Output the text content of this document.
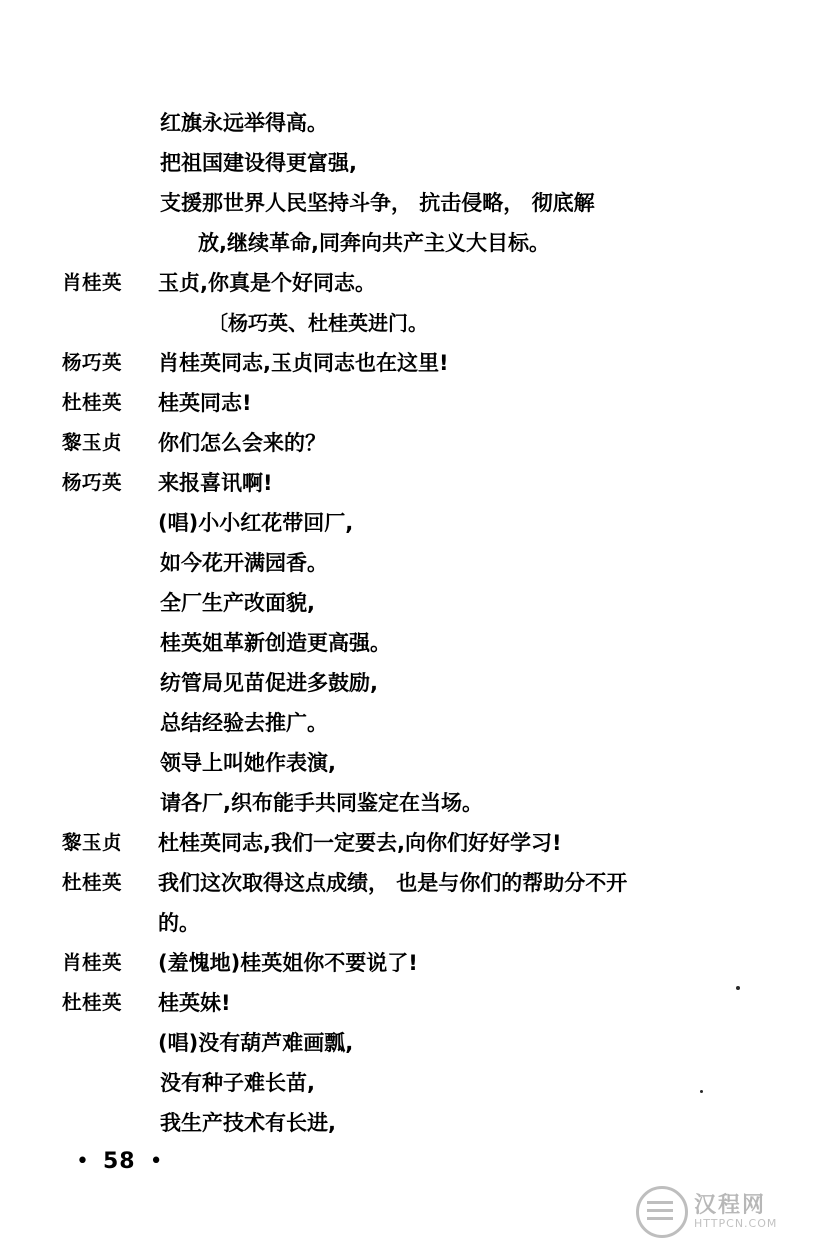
红旗永远举得高。
把祖国建设得更富强,
支援那世界人民坚持斗争， 抗击侵略， 彻底解
放,继续革命,同奔向共产主义大目标。
肖桂英	玉贞,你真是个好同志。
〔杨巧英、杜桂英进门。
杨巧英	肖桂英同志,玉贞同志也在这里!
杜桂英	桂英同志!
黎玉贞	你们怎么会来的？
杨巧英	来报喜讯啊!
(唱)小小红花带回厂,
如今花开满园香。
全厂生产改面貌,
桂英姐革新创造更高强。
纺管局见苗促进多鼓励,
总结经验去推广。
领导上叫她作表演,
请各厂,织布能手共同鉴定在当场。
黎玉贞	杜桂英同志,我们一定要去,向你们好好学习!
杜桂英	我们这次取得这点成绩， 也是与你们的帮助分不开
的。
肖桂英	(羞愧地)桂英姐你不要说了!
杜桂英	桂英妹!
(唱)没有葫芦难画瓢,
没有种子难长苗,
我生产技术有长进,
• 58 •
汉程网
HTTPCN.COM
